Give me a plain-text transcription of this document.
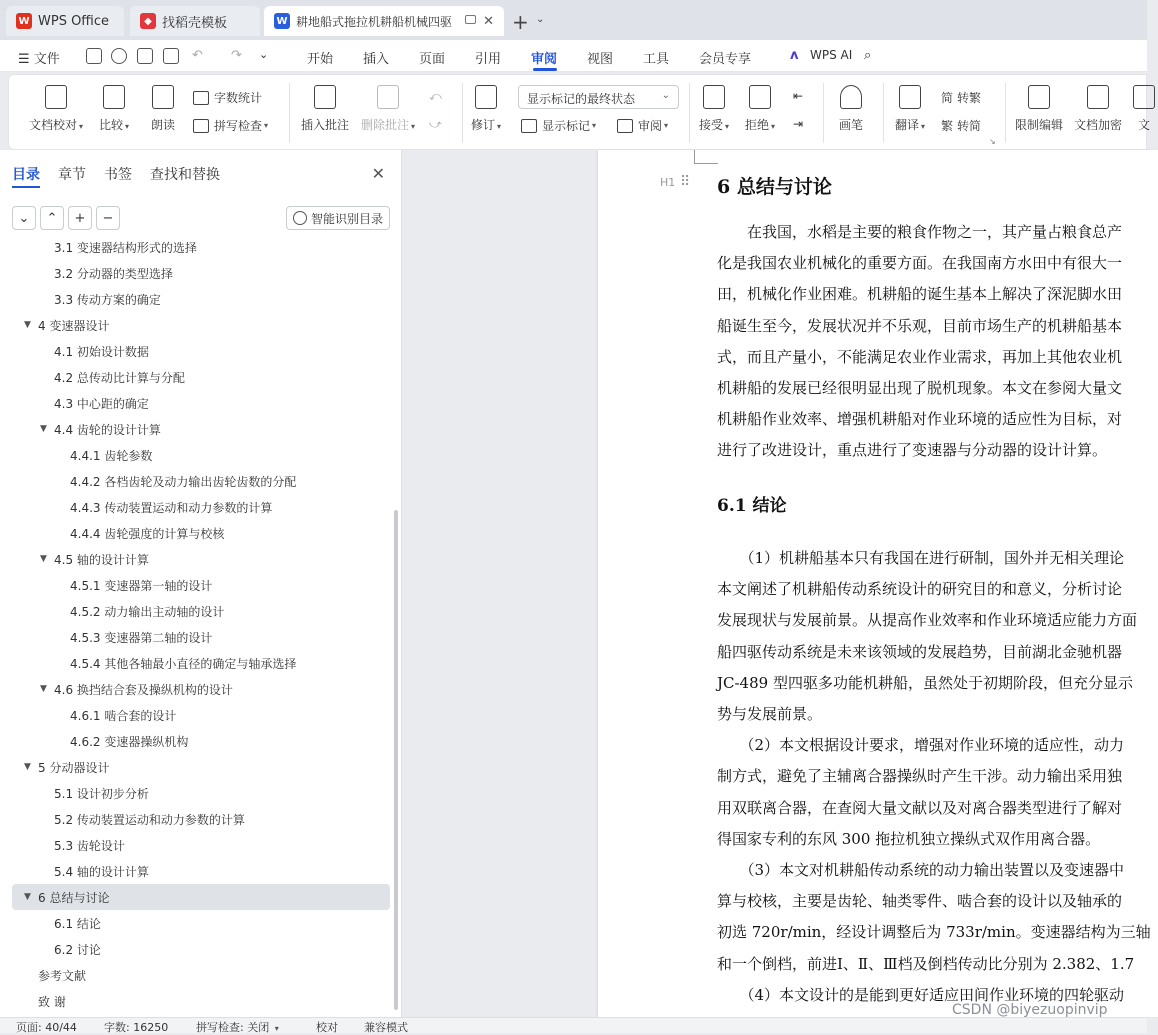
W WPS Office	◆ 找稻壳模板	W 耕地船式拖拉机耕船机械四驱 ✕ + ⌄
☰ 文件	↶ ↷ ⌄	开始 插入 页面 引用 审阅 视图 工具 会员专享	ʌ WPS AI ⌕
文档校对 ▾ 比较 ▾ 朗读
字数统计
拼写检查 ▾	插入批注 删除批注 ▾
⤺
⤻ 修订 ▾
显示标记的最终状态	⌄
显示标记 ▾	审阅 ▾	接受 ▾ 拒绝 ▾
⇤
⇥	画笔	翻译 ▾
简 转繁
繁 转简
↘
限制编辑 文档加密 文
目录 章节 书签 查找和替换	✕
⌄	⌃	+	−	智能识别目录
3.1 变速器结构形式的选择
3.2 分动器的类型选择
3.3 传动方案的确定
▼ 4 变速器设计
4.1 初始设计数据
4.2 总传动比计算与分配
4.3 中心距的确定
▼ 4.4 齿轮的设计计算
4.4.1 齿轮参数
4.4.2 各档齿轮及动力输出齿轮齿数的分配
4.4.3 传动装置运动和动力参数的计算
4.4.4 齿轮强度的计算与校核
▼ 4.5 轴的设计计算
4.5.1 变速器第一轴的设计
4.5.2 动力输出主动轴的设计
4.5.3 变速器第二轴的设计
4.5.4 其他各轴最小直径的确定与轴承选择
▼ 4.6 换挡结合套及操纵机构的设计
4.6.1 啮合套的设计
4.6.2 变速器操纵机构
▼ 5 分动器设计
5.1 设计初步分析
5.2 传动装置运动和动力参数的计算
5.3 齿轮设计
5.4 轴的设计计算
▼ 6 总结与讨论
6.1 结论
6.2 讨论
参考文献
致 谢
6 总结与讨论
6.1 结论
　　在我国，水稻是主要的粮食作物之一，其产量占粮食总产
化是我国农业机械化的重要方面。在我国南方水田中有很大一
田，机械化作业困难。机耕船的诞生基本上解决了深泥脚水田
船诞生至今，发展状况并不乐观，目前市场生产的机耕船基本
式，而且产量小，不能满足农业作业需求，再加上其他农业机
机耕船的发展已经很明显出现了脱机现象。本文在参阅大量文
机耕船作业效率、增强机耕船对作业环境的适应性为目标，对
进行了改进设计，重点进行了变速器与分动器的设计计算。
　　（1）机耕船基本只有我国在进行研制，国外并无相关理论
本文阐述了机耕船传动系统设计的研究目的和意义，分析讨论
发展现状与发展前景。从提高作业效率和作业环境适应能力方面
船四驱传动系统是未来该领域的发展趋势，目前湖北金驰机器
JC-489 型四驱多功能机耕船，虽然处于初期阶段，但充分显示
势与发展前景。
　　（2）本文根据设计要求，增强对作业环境的适应性，动力
制方式，避免了主辅离合器操纵时产生干涉。动力输出采用独
用双联离合器，在查阅大量文献以及对离合器类型进行了解对
得国家专利的东风 300 拖拉机独立操纵式双作用离合器。
　　（3）本文对机耕船传动系统的动力输出装置以及变速器中
算与校核，主要是齿轮、轴类零件、啮合套的设计以及轴承的
初选 720r/min，经设计调整后为 733r/min。变速器结构为三轴
和一个倒档，前进Ⅰ、Ⅱ、Ⅲ档及倒档传动比分别为 2.382、1.7
　　（4）本文设计的是能到更好适应田间作业环境的四轮驱动
H1 ⠿
页面: 40/44 字数: 16250	拼写检查: 关闭 ▾	校对 兼容模式
CSDN @biyezuopinvip
